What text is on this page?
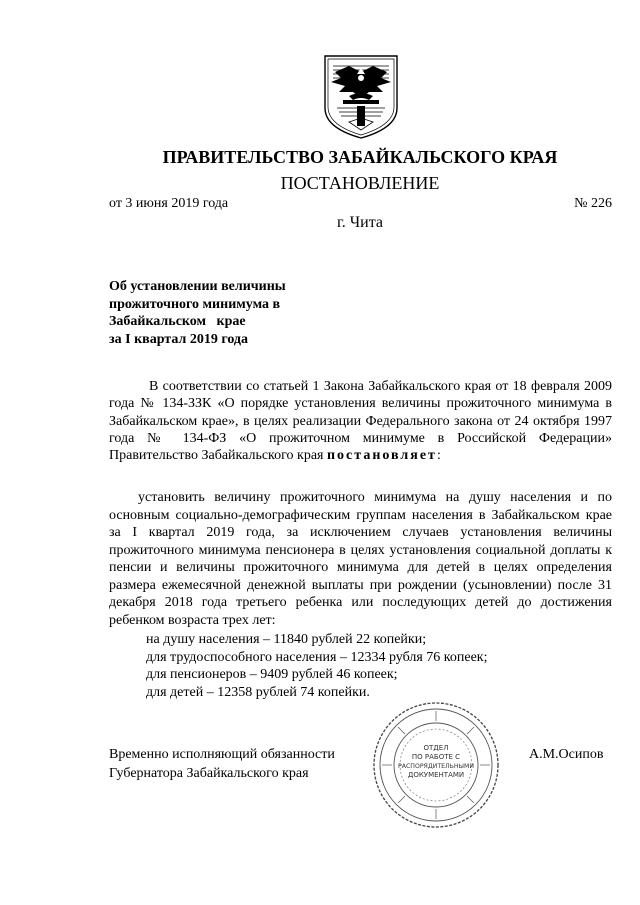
ПРАВИТЕЛЬСТВО ЗАБАЙКАЛЬСКОГО КРАЯ
ПОСТАНОВЛЕНИЕ
от 3 июня 2019 года	№ 226
г. Чита
Об установлении величины
прожиточного минимума в
Забайкальском   крае
за I квартал 2019 года
В соответствии со статьей 1 Закона Забайкальского края от 18 февраля 2009 года № 134-ЗЗК «О порядке установления величины прожиточного минимума в Забайкальском крае», в целях реализации Федерального закона от 24 октября 1997 года № 134-ФЗ «О прожиточном минимуме в Российской Федерации» Правительство Забайкальского края постановляет:
установить величину прожиточного минимума на душу населения и по основным социально-демографическим группам населения в Забайкальском крае за I квартал 2019 года, за исключением случаев установления величины прожиточного минимума пенсионера в целях установления социальной доплаты к пенсии и величины прожиточного минимума для детей в целях определения размера ежемесячной денежной выплаты при рождении (усыновлении) после 31 декабря 2018 года третьего ребенка или последующих детей до достижения ребенком возраста трех лет:
на душу населения – 11840 рублей 22 копейки;
для трудоспособного населения – 12334 рубля 76 копеек;
для пенсионеров – 9409 рублей 46 копеек;
для детей – 12358 рублей 74 копейки.
ОТДЕЛ
ПО РАБОТЕ С
РАСПОРЯДИТЕЛЬНЫМИ
ДОКУМЕНТАМИ
Временно исполняющий обязанности
Губернатора Забайкальского края
А.М.Осипов
